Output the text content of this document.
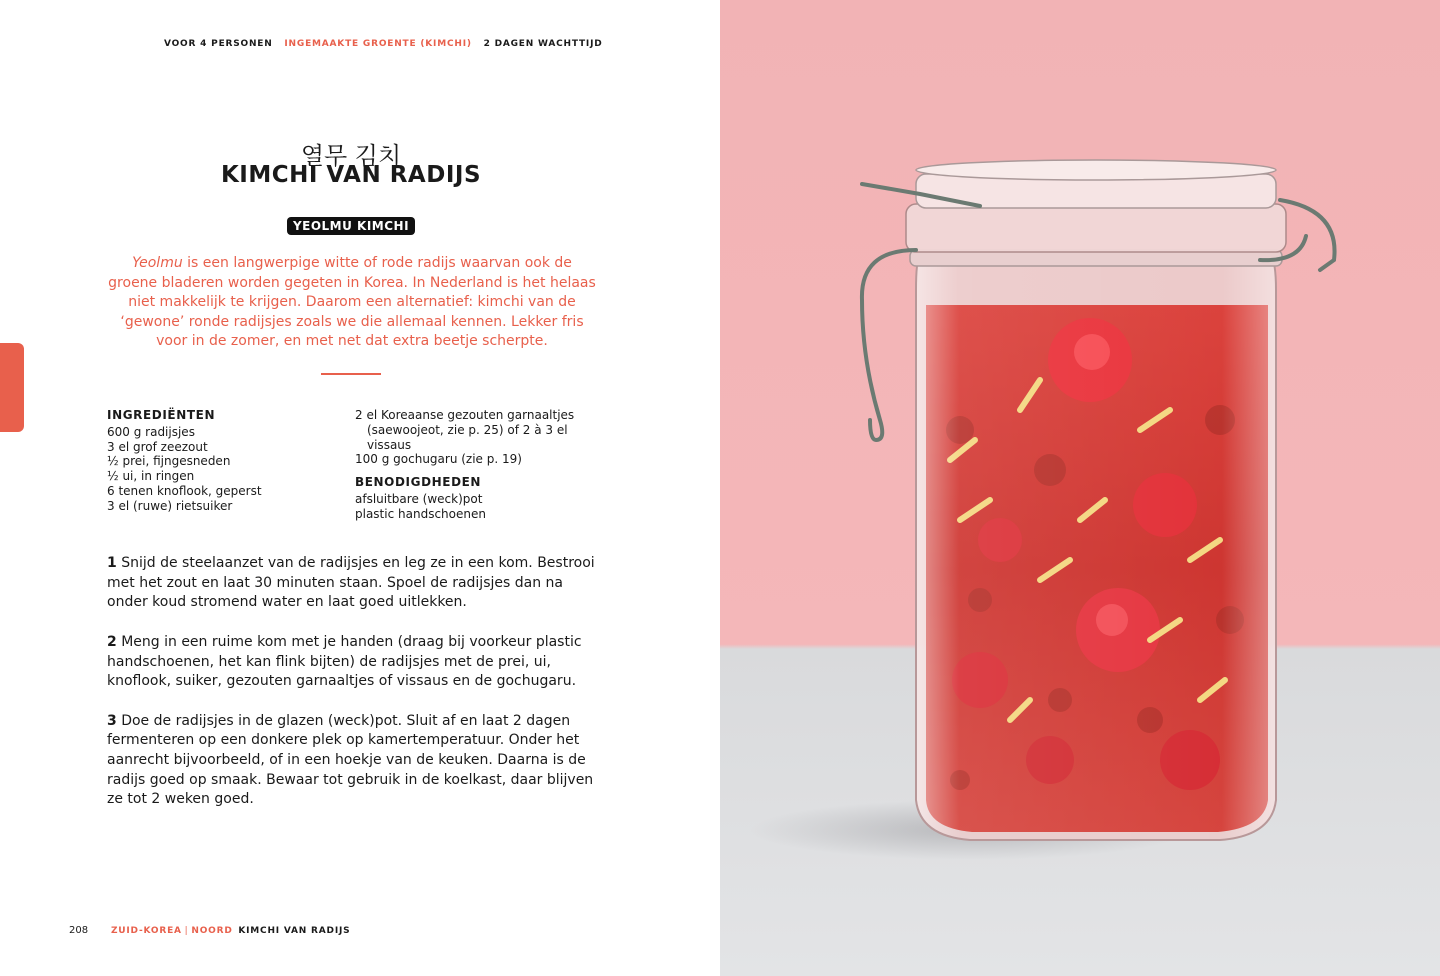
VOOR 4 PERSONEN INGEMAAKTE GROENTE (KIMCHI) 2 DAGEN WACHTTIJD
열무 김치
KIMCHI VAN RADIJS
YEOLMU KIMCHI
Yeolmu is een langwerpige witte of rode radijs waarvan ook de groene bladeren worden gegeten in Korea. In Nederland is het helaas niet makkelijk te krijgen. Daarom een alternatief: kimchi van de ‘gewone’ ronde radijsjes zoals we die allemaal kennen. Lekker fris voor in de zomer, en met net dat extra beetje scherpte.
INGREDIËNTEN
600 g radijsjes
3 el grof zeezout
½ prei, fijngesneden
½ ui, in ringen
6 tenen knoflook, geperst
3 el (ruwe) rietsuiker
2 el Koreaanse gezouten garnaaltjes
(saewoojeot, zie p. 25) of 2 à 3 el
vissaus
100 g gochugaru (zie p. 19)
BENODIGDHEDEN
afsluitbare (weck)pot
plastic handschoenen
1 Snijd de steelaanzet van de radijsjes en leg ze in een kom. Bestrooi met het zout en laat 30 minuten staan. Spoel de radijsjes dan na onder koud stromend water en laat goed uitlekken.
2 Meng in een ruime kom met je handen (draag bij voorkeur plastic handschoenen, het kan flink bijten) de radijsjes met de prei, ui, knoflook, suiker, gezouten garnaaltjes of vissaus en de gochugaru.
3 Doe de radijsjes in de glazen (weck)pot. Sluit af en laat 2 dagen fermenteren op een donkere plek op kamertemperatuur. Onder het aanrecht bijvoorbeeld, of in een hoekje van de keuken. Daarna is de radijs goed op smaak. Bewaar tot gebruik in de koelkast, daar blijven ze tot 2 weken goed.
208	ZUID-KOREA | NOORD KIMCHI VAN RADIJS
